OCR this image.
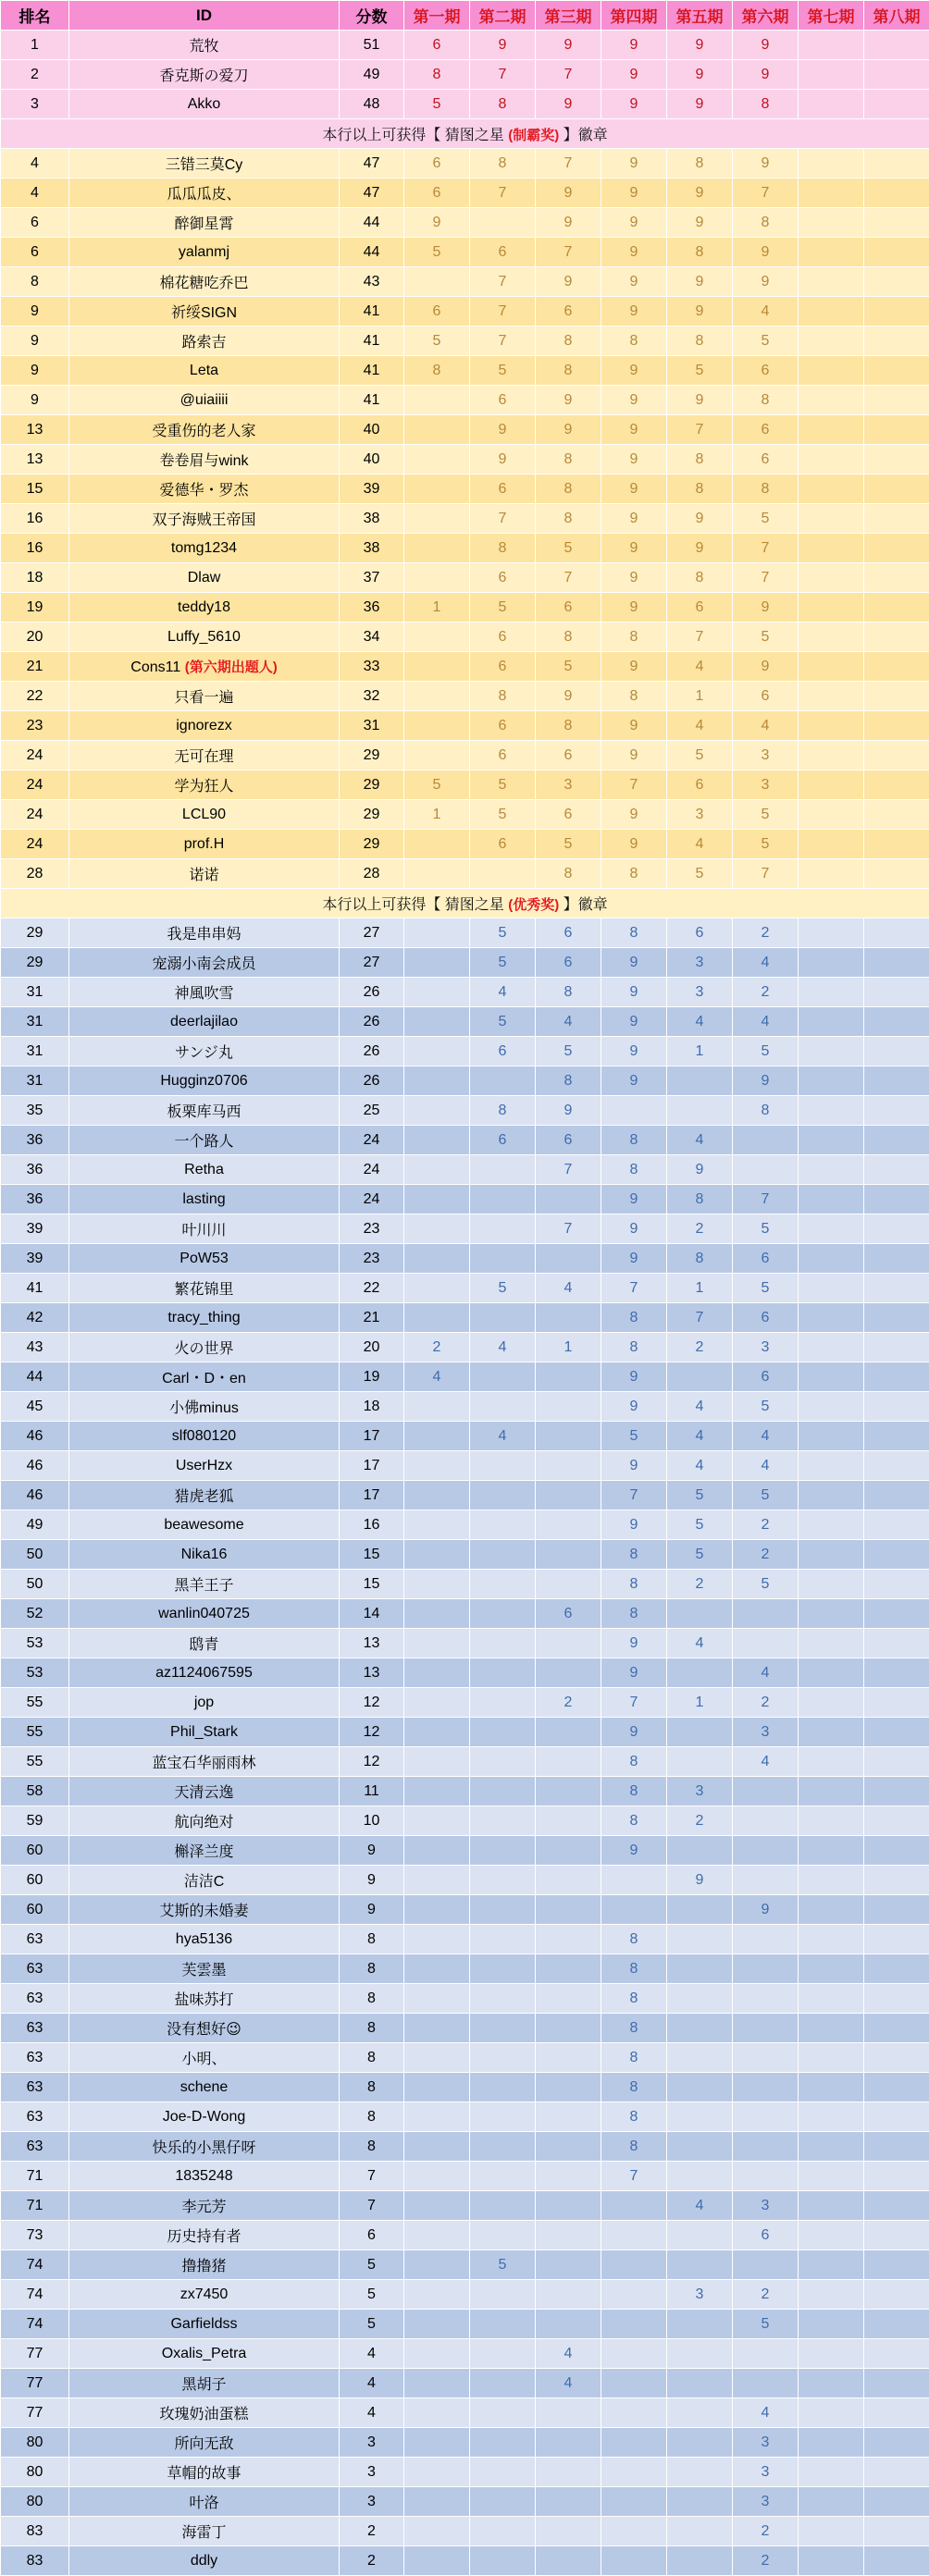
排名	ID	分数	第一期	第二期	第三期	第四期	第五期	第六期	第七期	第八期
1	荒牧	51	6	9	9	9	9	9		
2	香克斯の爱刀	49	8	7	7	9	9	9		
3	Akko	48	5	8	9	9	9	8		
本行以上可获得【 猜图之星 (制霸奖) 】徽章										
4	三错三莫Cy	47	6	8	7	9	8	9		
4	瓜瓜瓜皮、	47	6	7	9	9	9	7		
6	醉御星霄	44	9		9	9	9	8		
6	yalanmj	44	5	6	7	9	8	9		
8	棉花糖吃乔巴	43		7	9	9	9	9		
9	祈绥SIGN	41	6	7	6	9	9	4		
9	路索吉	41	5	7	8	8	8	5		
9	Leta	41	8	5	8	9	5	6		
9	@uiaiiii	41		6	9	9	9	8		
13	受重伤的老人家	40		9	9	9	7	6		
13	卷卷眉与wink	40		9	8	9	8	6		
15	爱德华・罗杰	39		6	8	9	8	8		
16	双子海贼王帝国	38		7	8	9	9	5		
16	tomg1234	38		8	5	9	9	7		
18	Dlaw	37		6	7	9	8	7		
19	teddy18	36	1	5	6	9	6	9		
20	Luffy_5610	34		6	8	8	7	5		
21	Cons11 (第六期出题人)	33		6	5	9	4	9		
22	只看一遍	32		8	9	8	1	6		
23	ignorezx	31		6	8	9	4	4		
24	无可在理	29		6	6	9	5	3		
24	学为狂人	29	5	5	3	7	6	3		
24	LCL90	29	1	5	6	9	3	5		
24	prof.H	29		6	5	9	4	5		
28	诺诺	28			8	8	5	7		
本行以上可获得【 猜图之星 (优秀奖) 】徽章										
29	我是串串妈	27		5	6	8	6	2		
29	宠溺小南会成员	27		5	6	9	3	4		
31	神風吹雪	26		4	8	9	3	2		
31	deerlajilao	26		5	4	9	4	4		
31	サンジ丸	26		6	5	9	1	5		
31	Hugginz0706	26			8	9		9		
35	板栗库马西	25		8	9			8		
36	一个路人	24		6	6	8	4			
36	Retha	24			7	8	9			
36	lasting	24				9	8	7		
39	叶川川	23			7	9	2	5		
39	PoW53	23				9	8	6		
41	繁花锦里	22		5	4	7	1	5		
42	tracy_thing	21				8	7	6		
43	火の世界	20	2	4	1	8	2	3		
44	Carl・D・en	19	4			9		6		
45	小佛minus	18				9	4	5		
46	slf080120	17		4		5	4	4		
46	UserHzx	17				9	4	4		
46	猎虎老狐	17				7	5	5		
49	beawesome	16				9	5	2		
50	Nika16	15				8	5	2		
50	黑羊王子	15				8	2	5		
52	wanlin040725	14			6	8				
53	鸱青	13				9	4			
53	az1124067595	13				9		4		
55	jop	12			2	7	1	2		
55	Phil_Stark	12				9		3		
55	蓝宝石华丽雨林	12				8		4		
58	天清云逸	11				8	3			
59	航向绝对	10				8	2			
60	槲泽兰度	9				9				
60	洁洁C	9					9			
60	艾斯的未婚妻	9						9		
63	hya5136	8				8				
63	芙雲墨	8				8				
63	盐味苏打	8				8				
63	没有想好😉	8				8				
63	小明、	8				8				
63	schene	8				8				
63	Joe-D-Wong	8				8				
63	快乐的小黑仔呀	8				8				
71	1835248	7				7				
71	李元芳	7					4	3		
73	历史持有者	6						6		
74	撸撸猪	5		5						
74	zx7450	5					3	2		
74	Garfieldss	5						5		
77	Oxalis_Petra	4			4					
77	黑胡子	4			4					
77	玫瑰奶油蛋糕	4						4		
80	所向无敌	3						3		
80	草帽的故事	3						3		
80	叶洛	3						3		
83	海雷丁	2						2		
83	ddly	2						2		
